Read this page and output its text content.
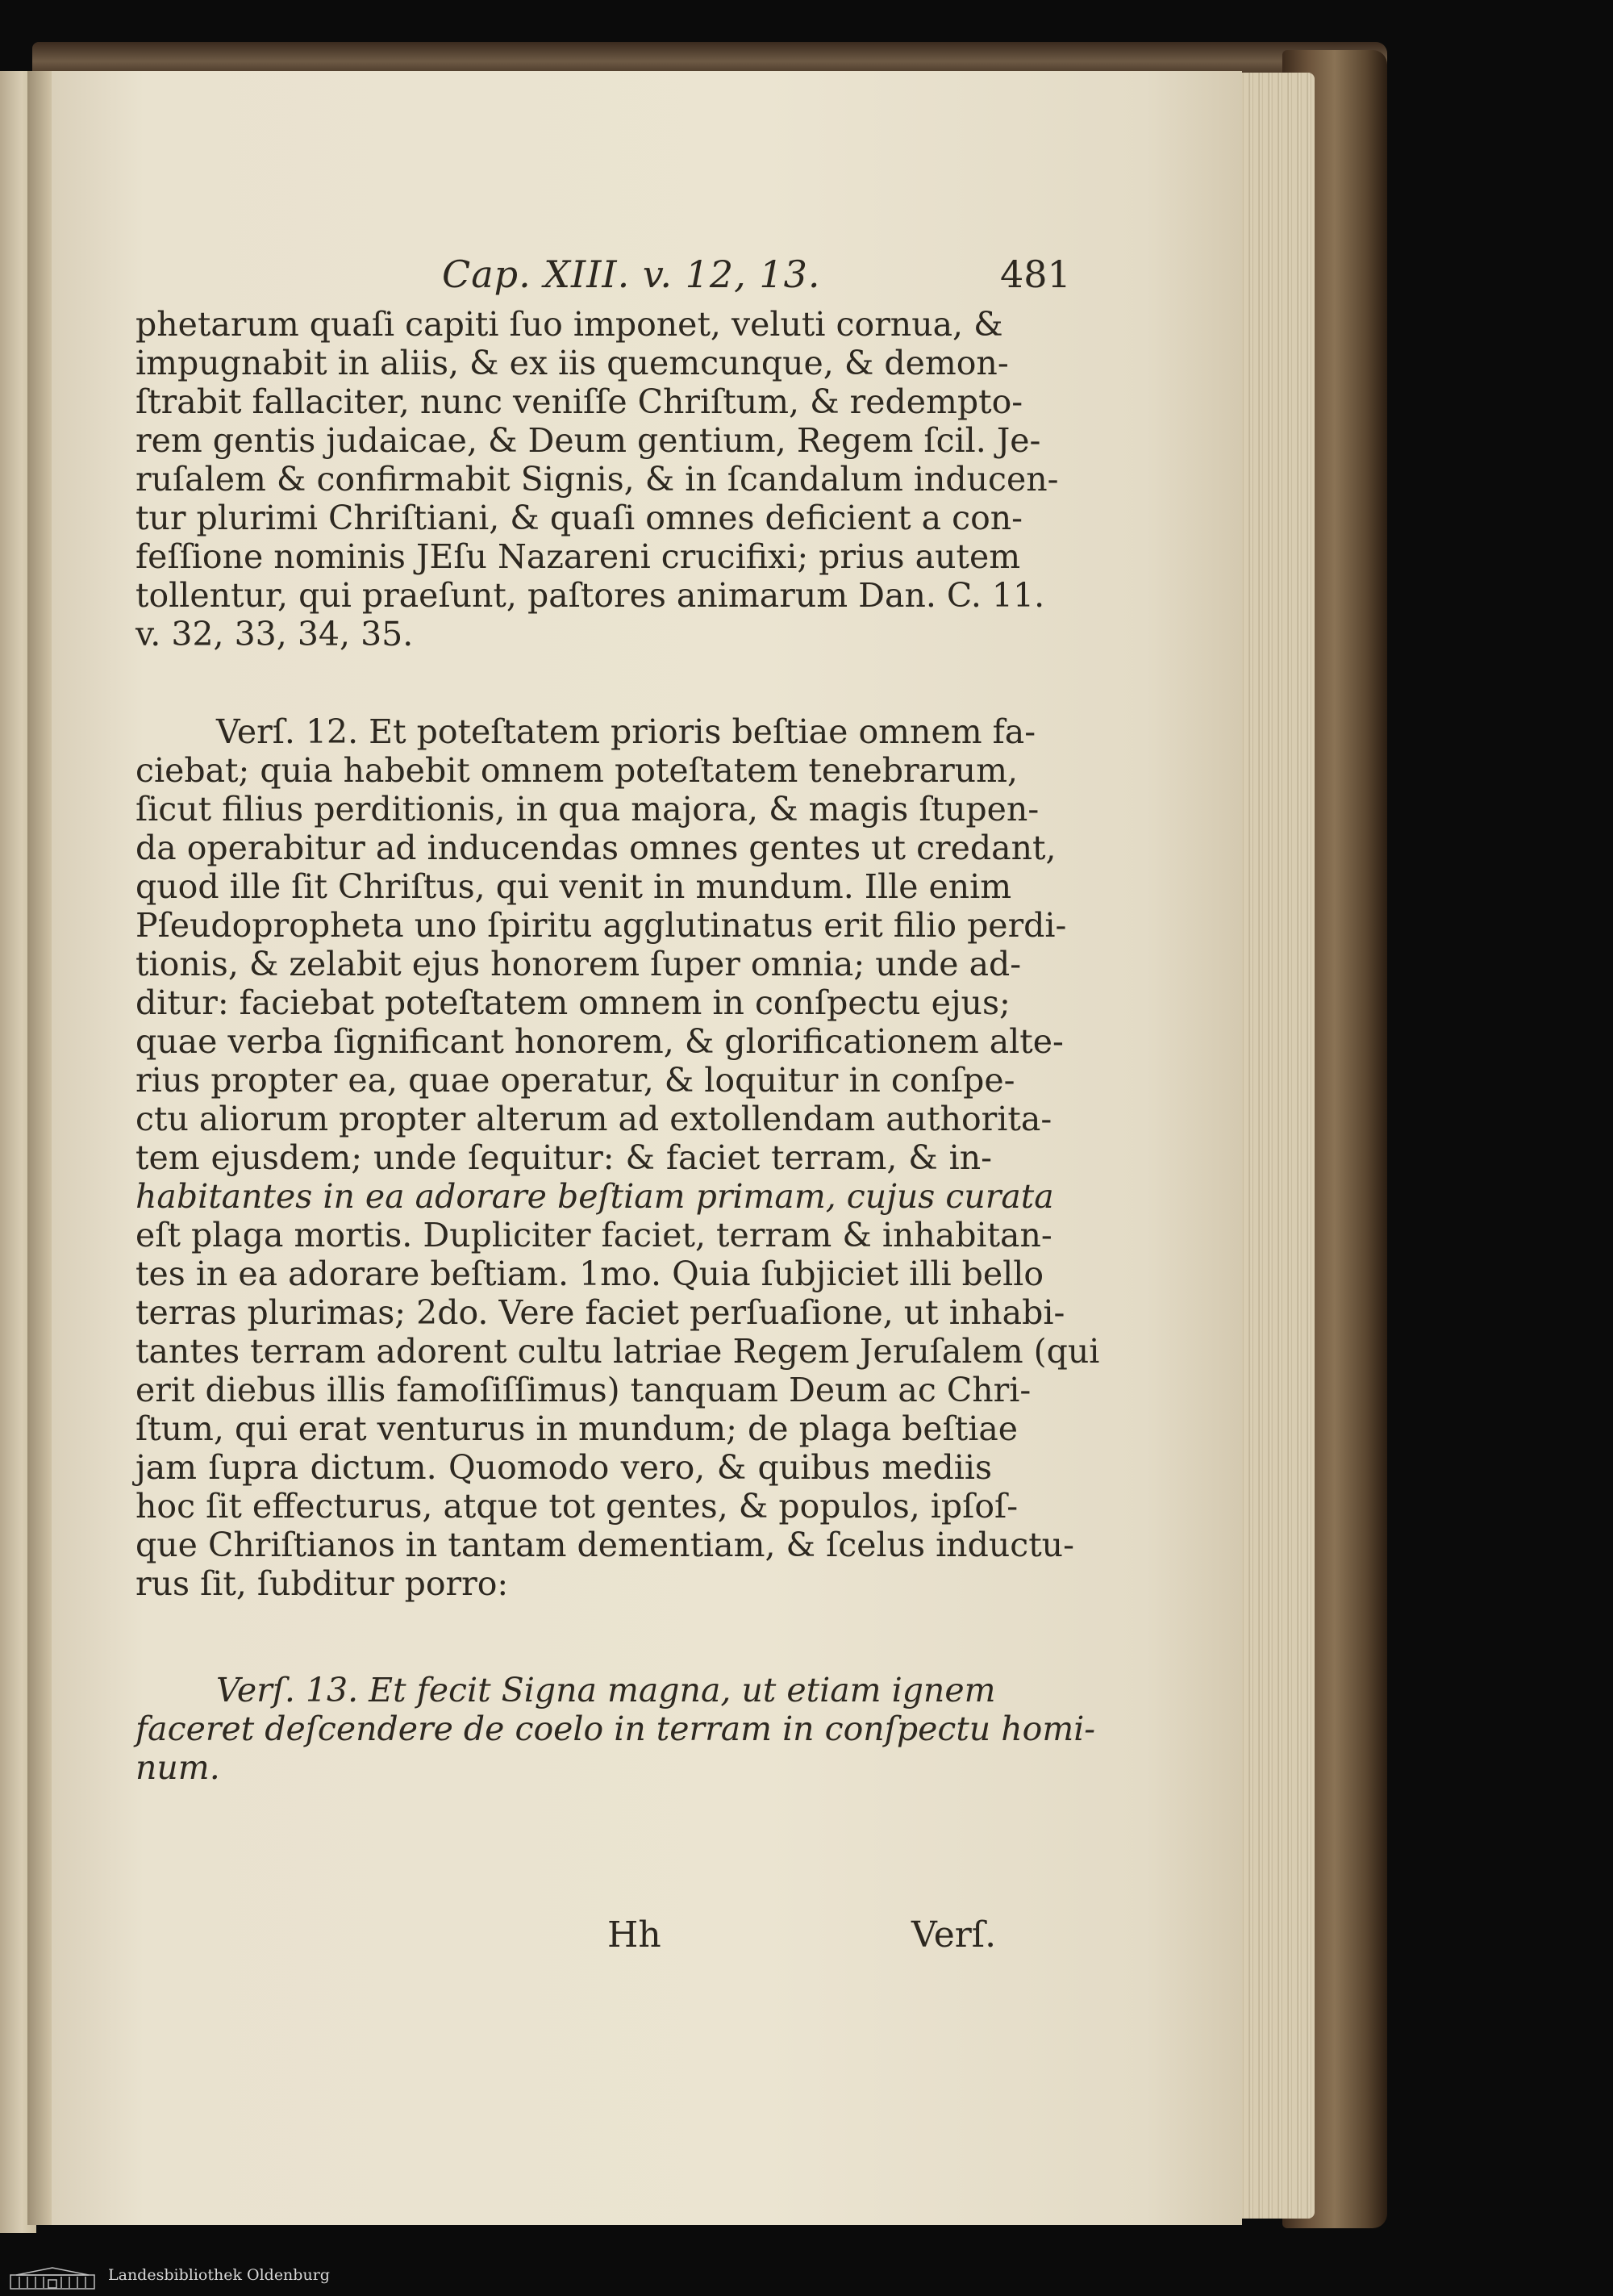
Cap. XIII. v. 12, 13.	481
phetarum quaſi capiti ſuo imponet, veluti cornua, &
impugnabit in aliis, & ex iis quemcunque, & demon-
ſtrabit fallaciter, nunc veniſſe Chriſtum, & redempto-
rem gentis judaicae, & Deum gentium, Regem ſcil. Je-
ruſalem & confirmabit Signis, & in ſcandalum inducen-
tur plurimi Chriſtiani, & quaſi omnes deficient a con-
feſſione nominis JEſu Nazareni crucifixi; prius autem
tollentur, qui praeſunt, paſtores animarum Dan. C. 11.
v. 32, 33, 34, 35.
Verſ. 12. Et poteſtatem prioris beſtiae omnem fa-
ciebat; quia habebit omnem poteſtatem tenebrarum,
ſicut filius perditionis, in qua majora, & magis ſtupen-
da operabitur ad inducendas omnes gentes ut credant,
quod ille ſit Chriſtus, qui venit in mundum. Ille enim
Pſeudopropheta uno ſpiritu agglutinatus erit filio perdi-
tionis, & zelabit ejus honorem ſuper omnia; unde ad-
ditur: faciebat poteſtatem omnem in conſpectu ejus;
quae verba ſignificant honorem, & glorificationem alte-
rius propter ea, quae operatur, & loquitur in conſpe-
ctu aliorum propter alterum ad extollendam authorita-
tem ejusdem; unde ſequitur: & faciet terram, & in-
habitantes in ea adorare beſtiam primam, cujus curata
eſt plaga mortis. Dupliciter faciet, terram & inhabitan-
tes in ea adorare beſtiam. 1mo. Quia ſubjiciet illi bello
terras plurimas; 2do. Vere faciet perſuaſione, ut inhabi-
tantes terram adorent cultu latriae Regem Jeruſalem (qui
erit diebus illis famoſiſſimus) tanquam Deum ac Chri-
ſtum, qui erat venturus in mundum; de plaga beſtiae
jam ſupra dictum. Quomodo vero, & quibus mediis
hoc ſit effecturus, atque tot gentes, & populos, ipſoſ-
que Chriſtianos in tantam dementiam, & ſcelus inductu-
rus ſit, ſubditur porro:
Verſ. 13. Et fecit Signa magna, ut etiam ignem
faceret deſcendere de coelo in terram in conſpectu homi-
num.
Hh	Verſ.
Landesbibliothek Oldenburg
